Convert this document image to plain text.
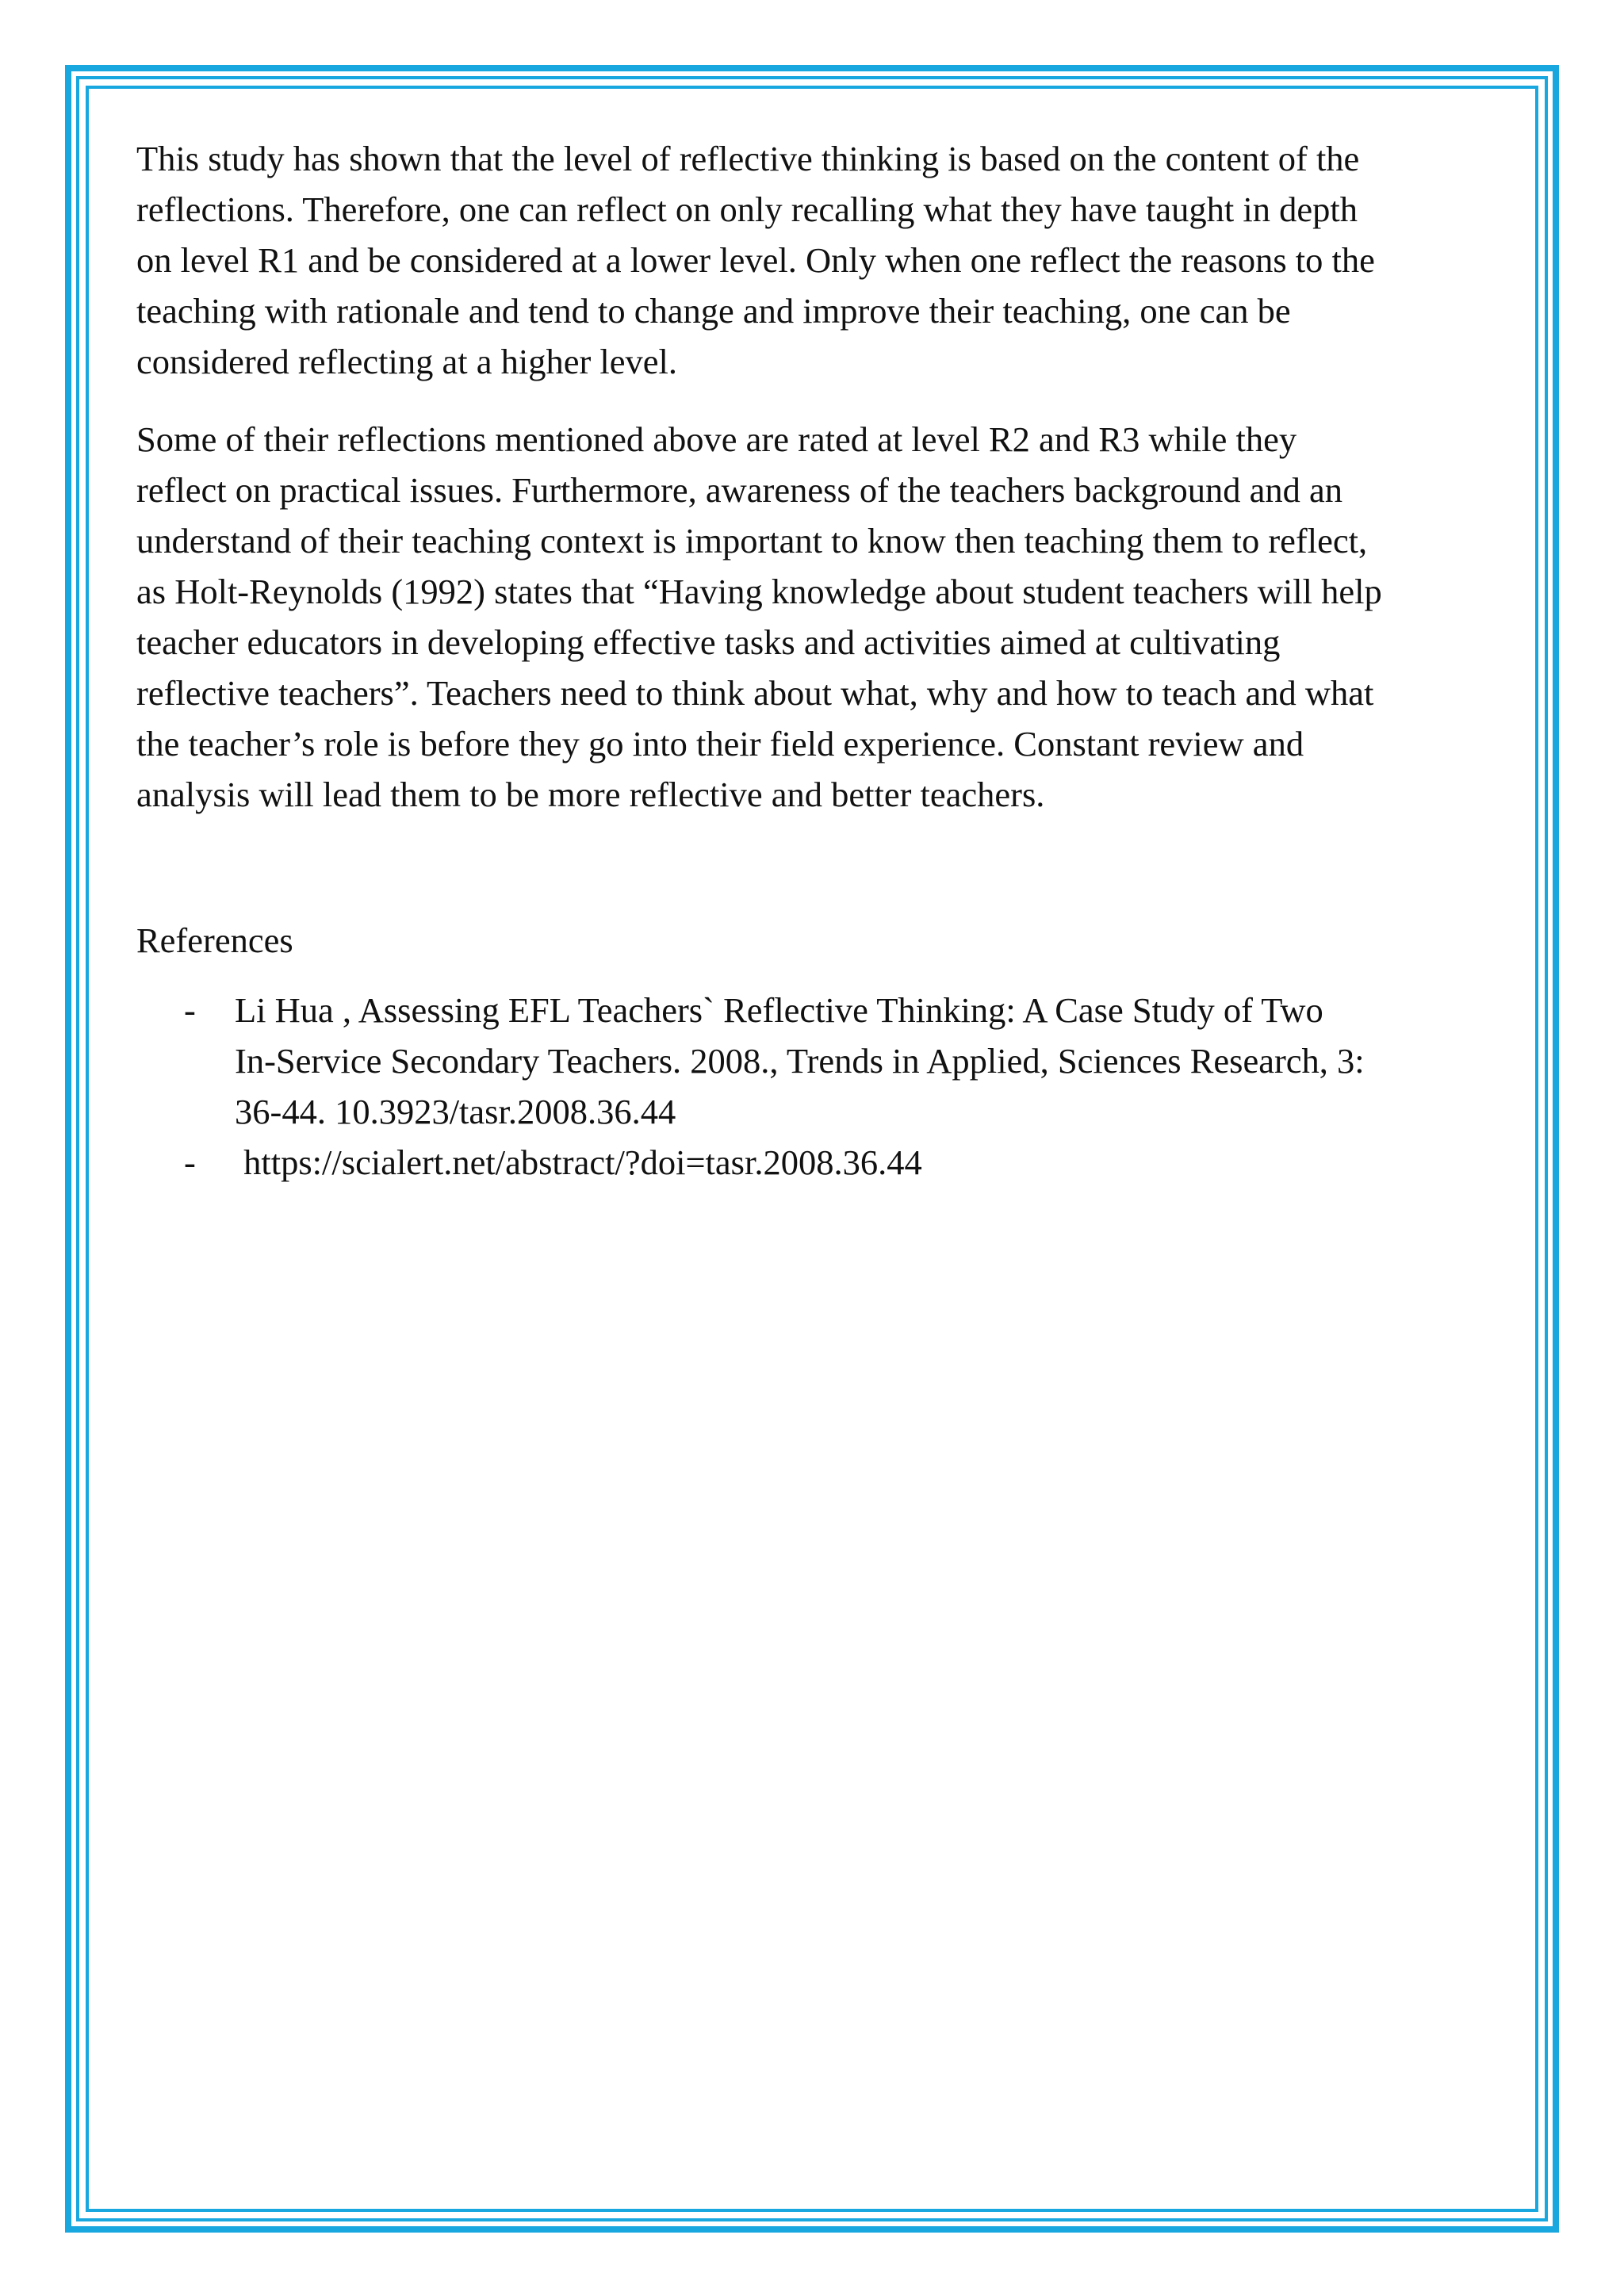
This study has shown that the level of reflective thinking is based on the content of the
reflections. Therefore, one can reflect on only recalling what they have taught in depth
on level R1 and be considered at a lower level. Only when one reflect the reasons to the
teaching with rationale and tend to change and improve their teaching, one can be
considered reflecting at a higher level.

Some of their reflections mentioned above are rated at level R2 and R3 while they
reflect on practical issues. Furthermore, awareness of the teachers background and an
understand of their teaching context is important to know then teaching them to reflect,
as Holt-Reynolds (1992) states that “Having knowledge about student teachers will help
teacher educators in developing effective tasks and activities aimed at cultivating
reflective teachers”. Teachers need to think about what, why and how to teach and what
the teacher’s role is before they go into their field experience. Constant review and
analysis will lead them to be more reflective and better teachers.

References
- Li Hua , Assessing EFL Teachers` Reflective Thinking: A Case Study of Two
In-Service Secondary Teachers. 2008., Trends in Applied, Sciences Research, 3:
36-44. 10.3923/tasr.2008.36.44
- https://scialert.net/abstract/?doi=tasr.2008.36.44
